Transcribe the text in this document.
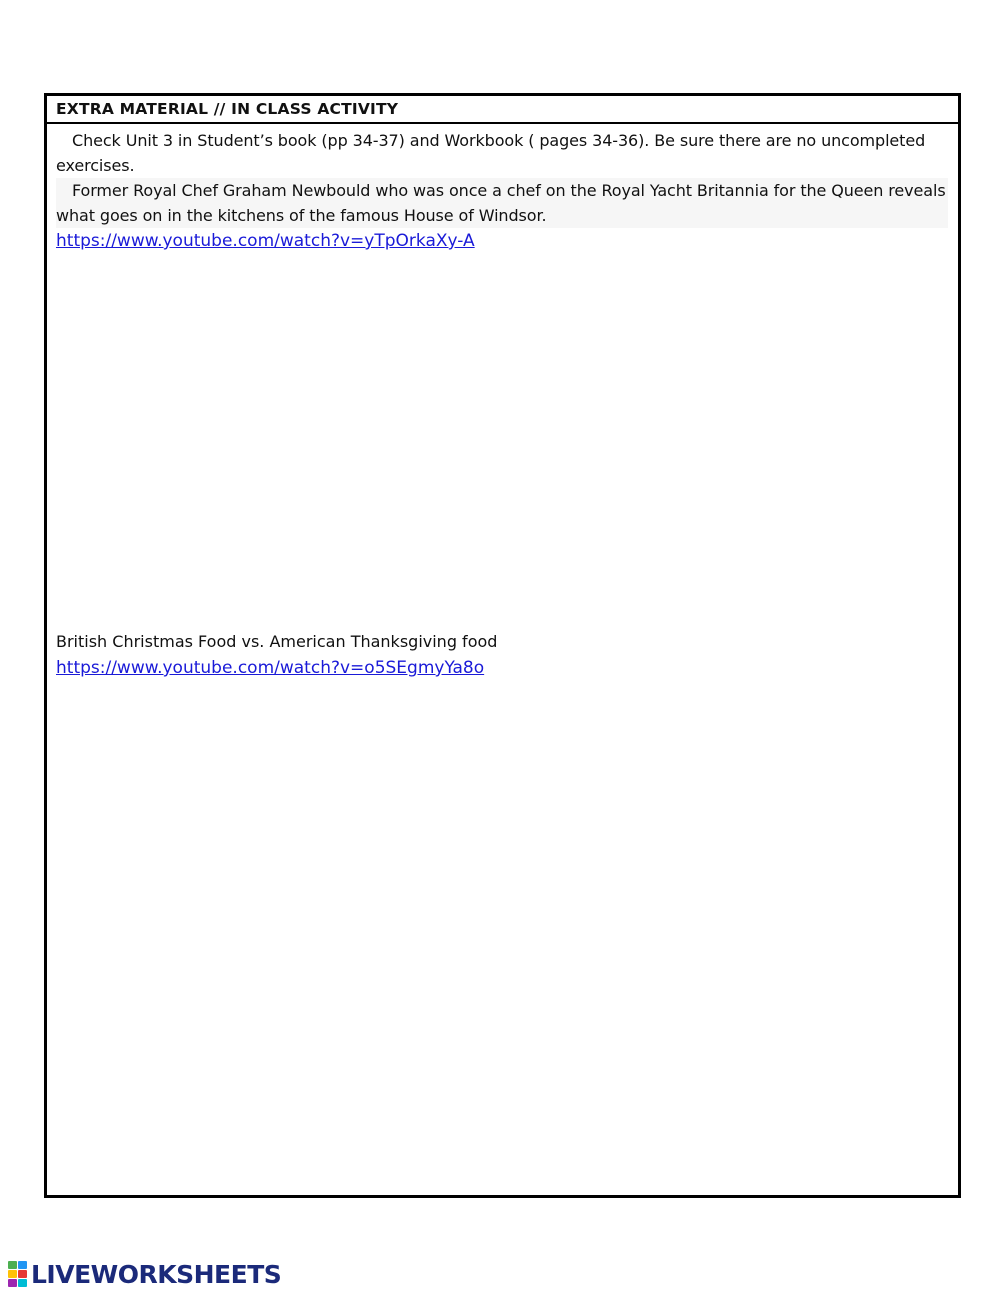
EXTRA MATERIAL // IN CLASS ACTIVITY

Check Unit 3 in Student’s book (pp 34-37) and Workbook ( pages 34-36). Be sure there are no uncompleted exercises.

Former Royal Chef Graham Newbould who was once a chef on the Royal Yacht Britannia for the Queen reveals what goes on in the kitchens of the famous House of Windsor.

https://www.youtube.com/watch?v=yTpOrkaXy-A

British Christmas Food vs. American Thanksgiving food

https://www.youtube.com/watch?v=o5SEgmyYa8o
LIVEWORKSHEETS
